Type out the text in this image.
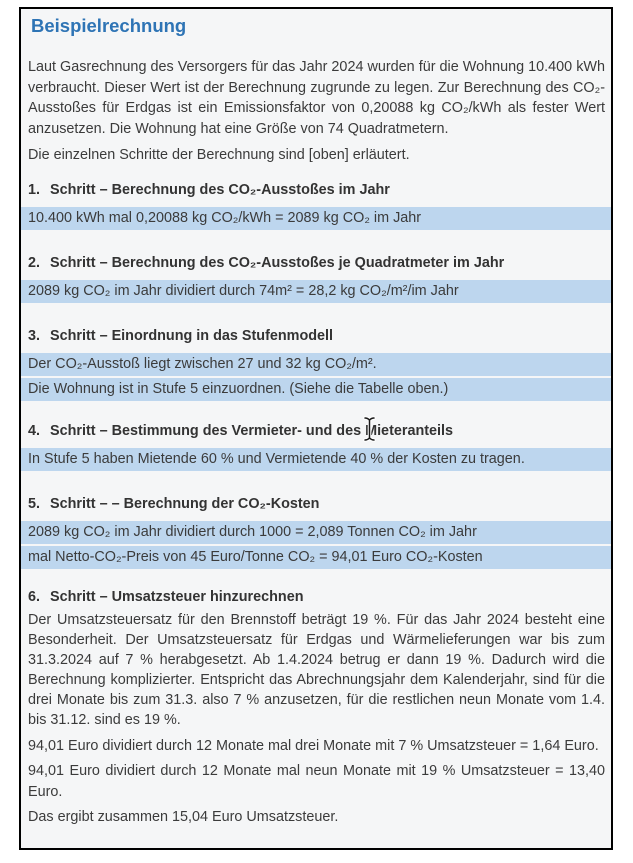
Beispielrechnung

Laut Gasrechnung des Versorgers für das Jahr 2024 wurden für die Wohnung 10.400 kWh verbraucht. Dieser Wert ist der Berechnung zugrunde zu legen. Zur Berechnung des CO₂-Ausstoßes für Erdgas ist ein Emissionsfaktor von 0,20088 kg CO₂/kWh als fester Wert anzusetzen. Die Wohnung hat eine Größe von 74 Quadratmetern.

Die einzelnen Schritte der Berechnung sind [oben] erläutert.

1. Schritt – Berechnung des CO₂-Ausstoßes im Jahr
10.400 kWh mal 0,20088 kg CO₂/kWh = 2089 kg CO₂ im Jahr
2. Schritt – Berechnung des CO₂-Ausstoßes je Quadratmeter im Jahr
2089 kg CO₂ im Jahr dividiert durch 74m² = 28,2 kg CO₂/m²/im Jahr
3. Schritt – Einordnung in das Stufenmodell
Der CO₂-Ausstoß liegt zwischen 27 und 32 kg CO₂/m².
Die Wohnung ist in Stufe 5 einzuordnen. (Siehe die Tabelle oben.)
4. Schritt – Bestimmung des Vermieter- und des Mieteranteils
In Stufe 5 haben Mietende 60 % und Vermietende 40 % der Kosten zu tragen.
5. Schritt – – Berechnung der CO₂-Kosten
2089 kg CO₂ im Jahr dividiert durch 1000 = 2,089 Tonnen CO₂ im Jahr
mal Netto-CO₂-Preis von 45 Euro/Tonne CO₂ = 94,01 Euro CO₂-Kosten
6. Schritt – Umsatzsteuer hinzurechnen

Der Umsatzsteuersatz für den Brennstoff beträgt 19 %. Für das Jahr 2024 besteht eine Besonderheit. Der Umsatzsteuersatz für Erdgas und Wärmelieferungen war bis zum 31.3.2024 auf 7 % herabgesetzt. Ab 1.4.2024 betrug er dann 19 %. Dadurch wird die Berechnung komplizierter. Entspricht das Abrechnungsjahr dem Kalenderjahr, sind für die drei Monate bis zum 31.3. also 7 % anzusetzen, für die restlichen neun Monate vom 1.4. bis 31.12. sind es 19 %.

94,01 Euro dividiert durch 12 Monate mal drei Monate mit 7 % Umsatzsteuer = 1,64 Euro.

94,01 Euro dividiert durch 12 Monate mal neun Monate mit 19 % Umsatzsteuer = 13,40 Euro.

Das ergibt zusammen 15,04 Euro Umsatzsteuer.
